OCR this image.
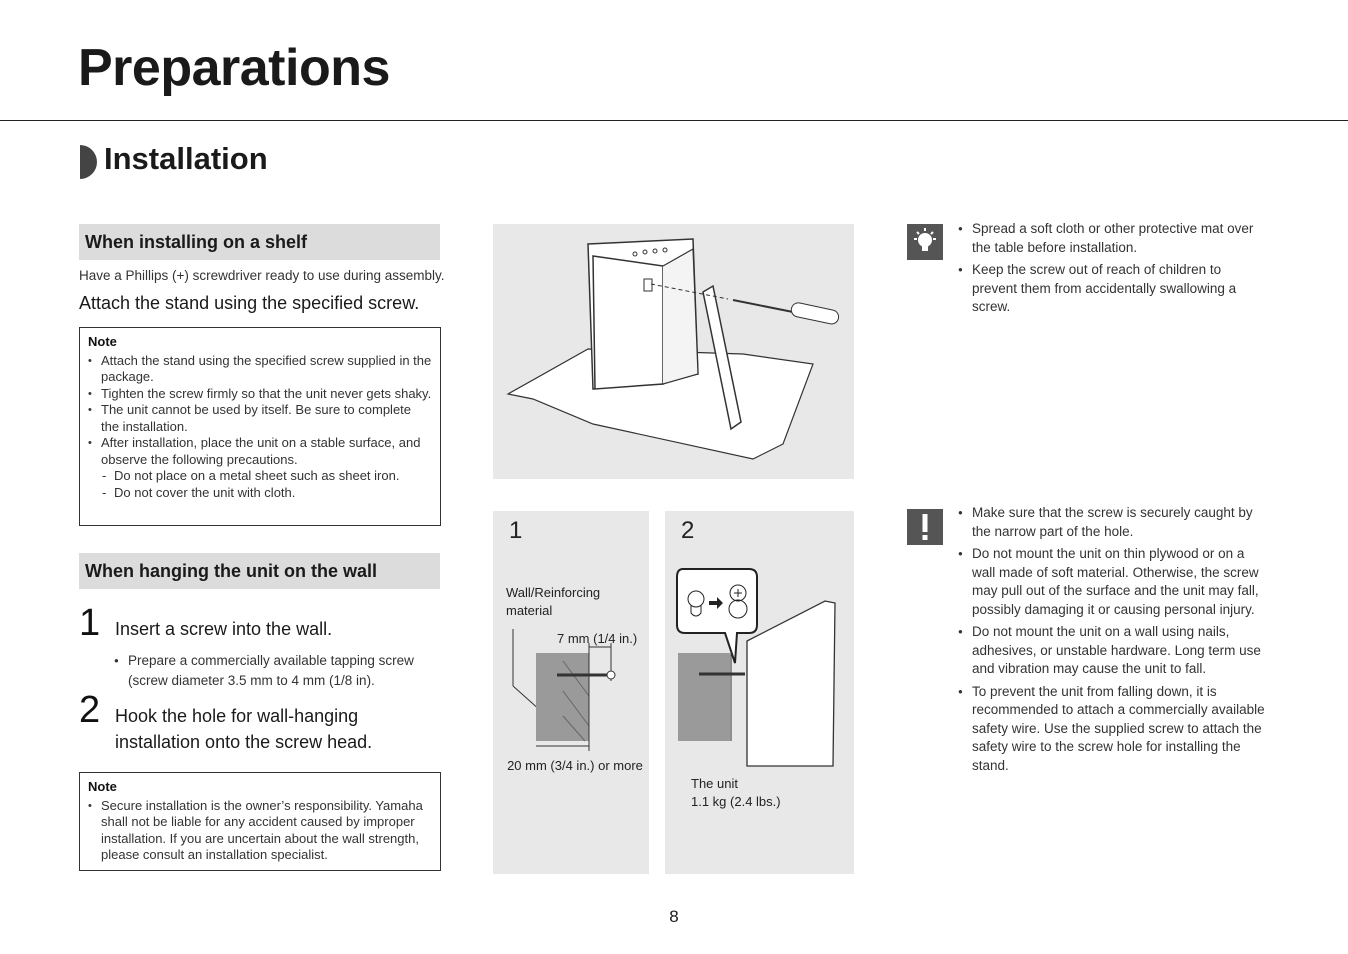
Preparations
Installation
When installing on a shelf
Have a Phillips (+) screwdriver ready to use during assembly.
Attach the stand using the specified screw.
Note
• Attach the stand using the specified screw supplied in the package.
• Tighten the screw firmly so that the unit never gets shaky.
• The unit cannot be used by itself. Be sure to complete the installation.
• After installation, place the unit on a stable surface, and observe the following precautions.
- Do not place on a metal sheet such as sheet iron.
- Do not cover the unit with cloth.
When hanging the unit on the wall
1 Insert a screw into the wall.
● Prepare a commercially available tapping screw (screw diameter 3.5 mm to 4 mm (1/8 in).
2 Hook the hole for wall-hanging installation onto the screw head.
Note
• Secure installation is the owner’s responsibility. Yamaha shall not be liable for any accident caused by improper installation. If you are uncertain about the wall strength, please consult an installation specialist.
1
Wall/Reinforcing material
7 mm (1/4 in.)
20 mm (3/4 in.) or more
2
The unit
1.1 kg (2.4 lbs.)
● Spread a soft cloth or other protective mat over the table before installation.
● Keep the screw out of reach of children to prevent them from accidentally swallowing a screw.
● Make sure that the screw is securely caught by the narrow part of the hole.
● Do not mount the unit on thin plywood or on a wall made of soft material. Otherwise, the screw may pull out of the surface and the unit may fall, possibly damaging it or causing personal injury.
● Do not mount the unit on a wall using nails, adhesives, or unstable hardware. Long term use and vibration may cause the unit to fall.
● To prevent the unit from falling down, it is recommended to attach a commercially available safety wire. Use the supplied screw to attach the safety wire to the screw hole for installing the stand.
8
